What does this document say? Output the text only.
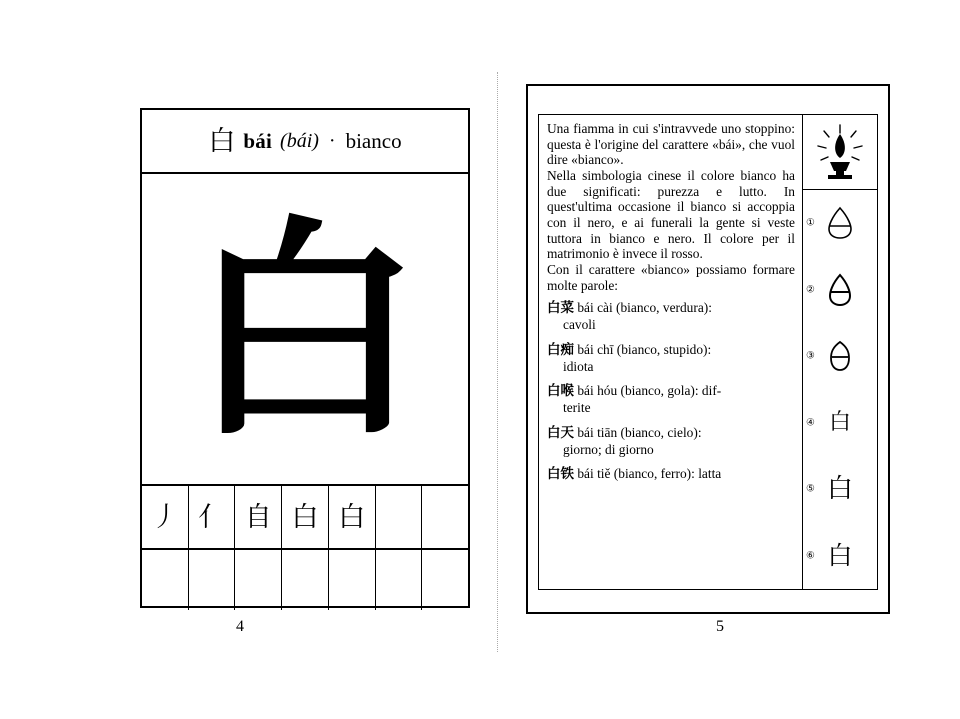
白 bái (bái) · bianco
白
丿 亻 自 白 白
4

Una fiamma in cui s'intravvede uno stoppino: questa è l'origine del carattere «bái», che vuol dire «bianco».

Nella simbologia cinese il colore bianco ha due significati: purezza e lutto. In quest'ultima occasione il bianco si accoppia con il nero, e ai funerali la gente si veste tuttora in bianco e nero. Il colore per il matrimonio è invece il rosso.

Con il carattere «bianco» possiamo formare molte parole:

白菜 bái cài (bianco, verdura):
cavoli
白痴 bái chī (bianco, stupido):
idiota
白喉 bái hóu (bianco, gola): dif-
terite
白天 bái tiān (bianco, cielo):
giorno; di giorno
白铁 bái tiě (bianco, ferro): latta
①
②
③
④ 白
⑤ 白
⑥ 白
5
